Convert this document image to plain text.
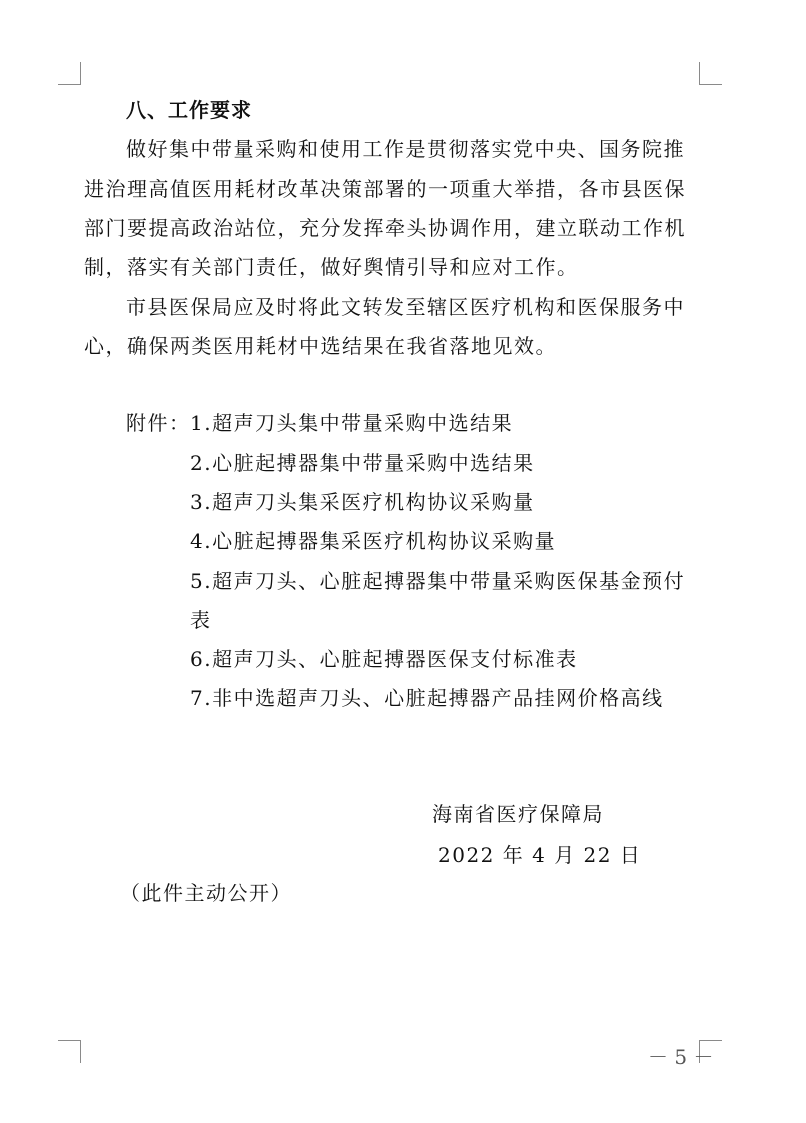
八、工作要求
做好集中带量采购和使用工作是贯彻落实党中央、国务院推
进治理高值医用耗材改革决策部署的一项重大举措，各市县医保
部门要提高政治站位，充分发挥牵头协调作用，建立联动工作机
制，落实有关部门责任，做好舆情引导和应对工作。
市县医保局应及时将此文转发至辖区医疗机构和医保服务中
心，确保两类医用耗材中选结果在我省落地见效。
附件： 1.超声刀头集中带量采购中选结果
2.心脏起搏器集中带量采购中选结果
3.超声刀头集采医疗机构协议采购量
4.心脏起搏器集采医疗机构协议采购量
5.超声刀头、心脏起搏器集中带量采购医保基金预付
表
6.超声刀头、心脏起搏器医保支付标准表
7.非中选超声刀头、心脏起搏器产品挂网价格高线
海南省医疗保障局
2022 年 4 月 22 日
（此件主动公开）
－ 5 －
